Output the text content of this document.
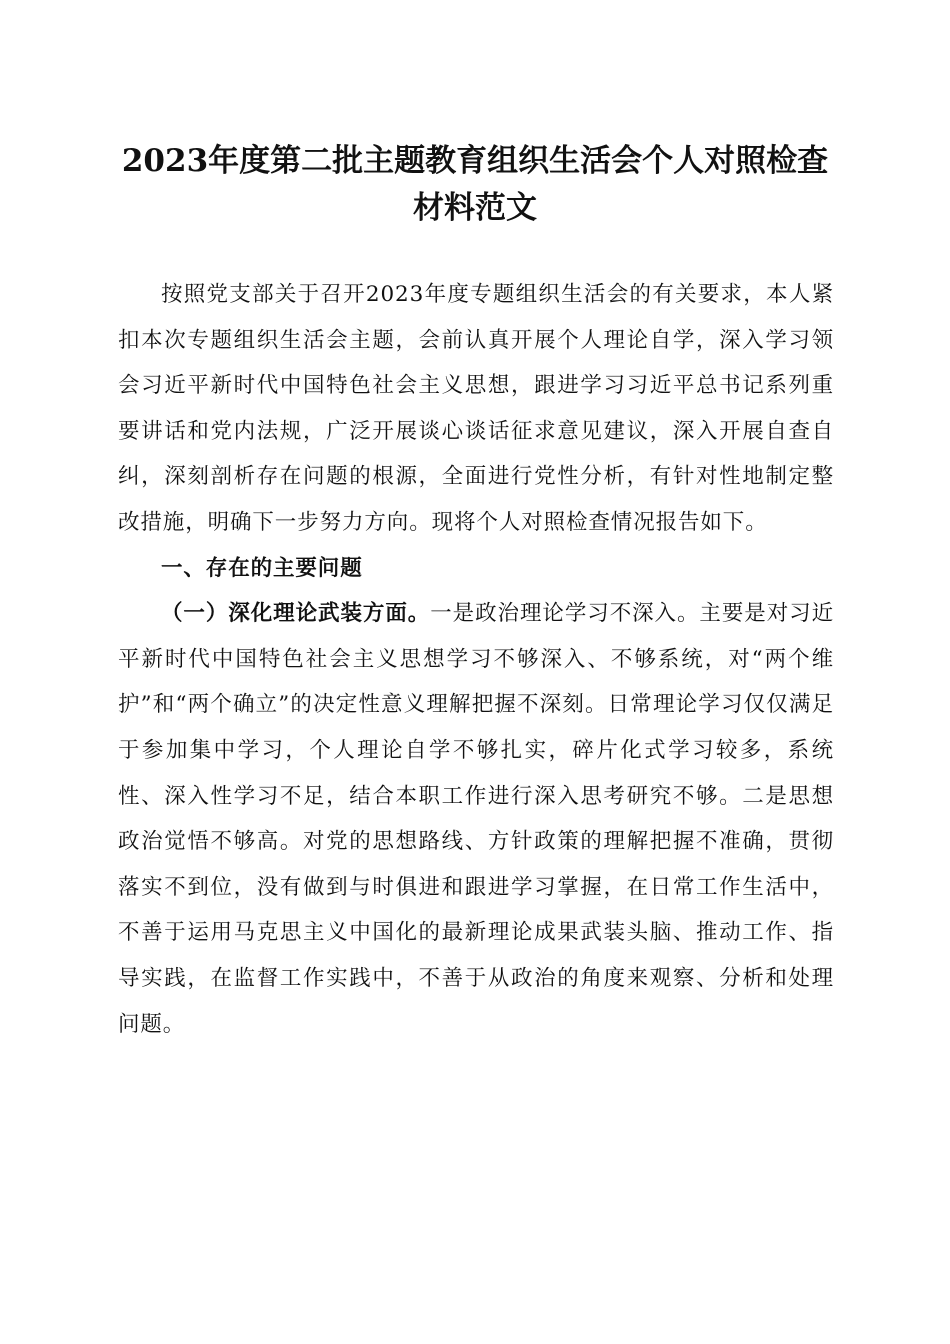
2023年度第二批主题教育组织生活会个人对照检查材料范文

按照党支部关于召开2023年度专题组织生活会的有关要求，本人紧扣本次专题组织生活会主题，会前认真开展个人理论自学，深入学习领会习近平新时代中国特色社会主义思想，跟进学习习近平总书记系列重要讲话和党内法规，广泛开展谈心谈话征求意见建议，深入开展自查自纠，深刻剖析存在问题的根源，全面进行党性分析，有针对性地制定整改措施，明确下一步努力方向。现将个人对照检查情况报告如下。

一、存在的主要问题

（一）深化理论武装方面。一是政治理论学习不深入。主要是对习近平新时代中国特色社会主义思想学习不够深入、不够系统，对“两个维护”和“两个确立”的决定性意义理解把握不深刻。日常理论学习仅仅满足于参加集中学习，个人理论自学不够扎实，碎片化式学习较多，系统性、深入性学习不足，结合本职工作进行深入思考研究不够。二是思想政治觉悟不够高。对党的思想路线、方针政策的理解把握不准确，贯彻落实不到位，没有做到与时俱进和跟进学习掌握，在日常工作生活中，不善于运用马克思主义中国化的最新理论成果武装头脑、推动工作、指导实践，在监督工作实践中，不善于从政治的角度来观察、分析和处理问题。
